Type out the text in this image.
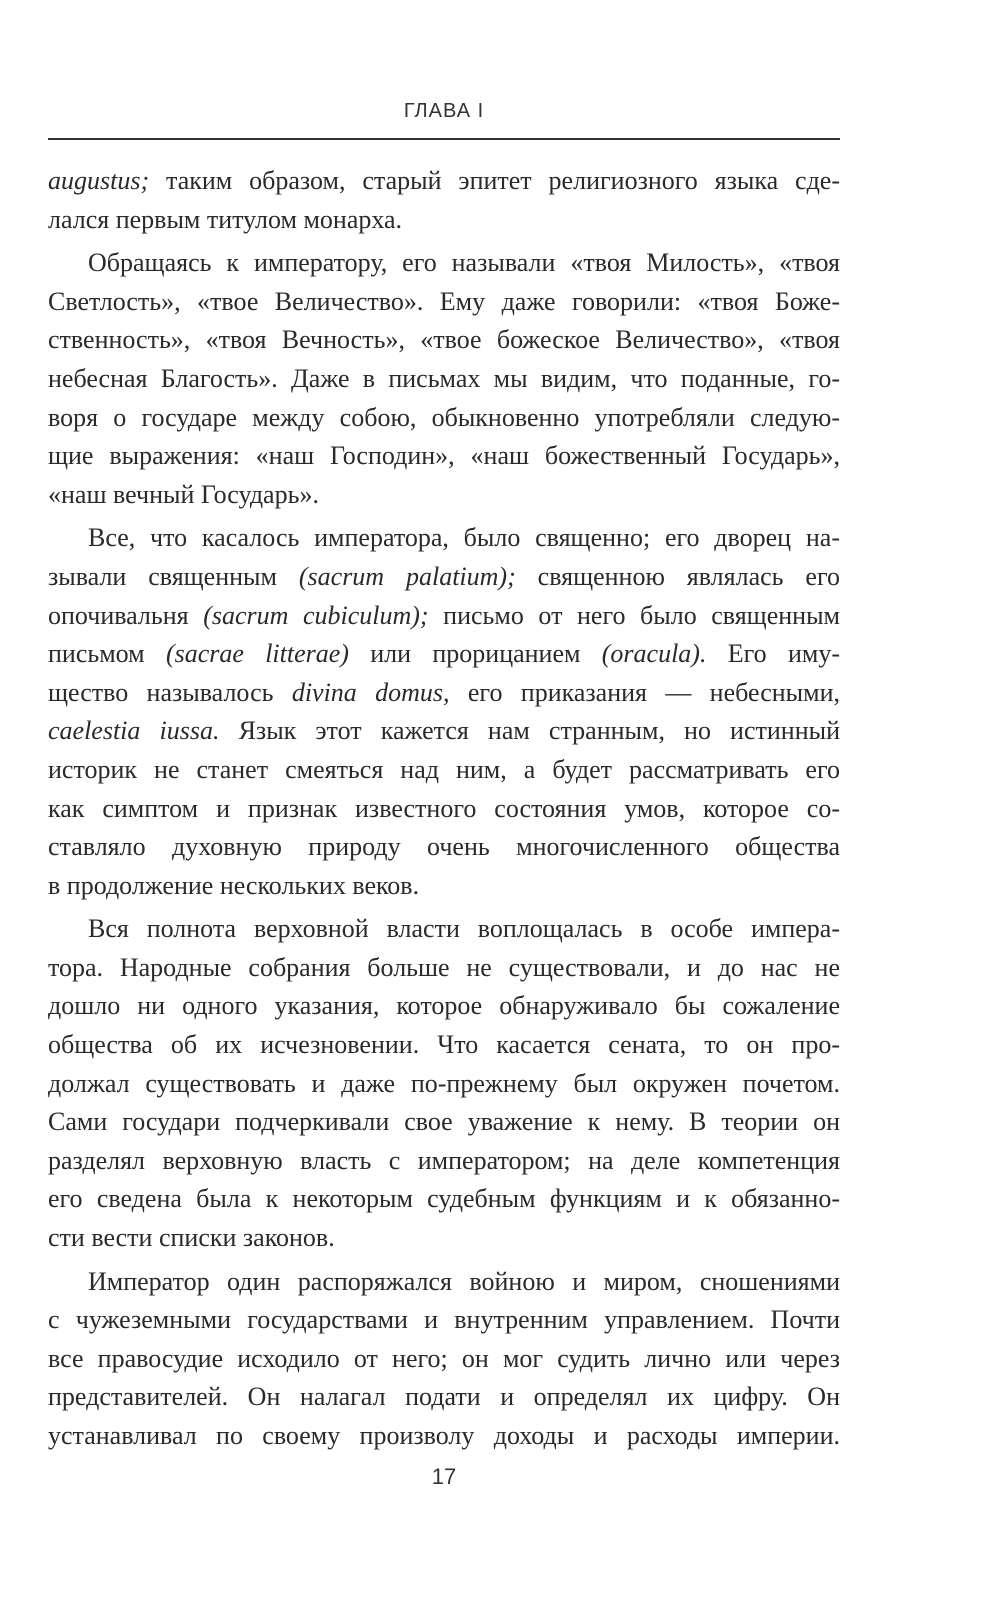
ГЛАВА I
augustus; таким образом, старый эпитет религиозного языка сде-
лался первым титулом монарха.
Обращаясь к императору, его называли «твоя Милость», «твоя
Светлость», «твое Величество». Ему даже говорили: «твоя Боже-
ственность», «твоя Вечность», «твое божеское Величество», «твоя
небесная Благость». Даже в письмах мы видим, что поданные, го-
воря о государе между собою, обыкновенно употребляли следую-
щие выражения: «наш Господин», «наш божественный Государь»,
«наш вечный Государь».
Все, что касалось императора, было священно; его дворец на-
зывали священным (sacrum palatium); священною являлась его
опочивальня (sacrum cubiculum); письмо от него было священным
письмом (sacrae litterae) или прорицанием (oracula). Его иму-
щество называлось divina domus, его приказания — небесными,
caelestia iussa. Язык этот кажется нам странным, но истинный
историк не станет смеяться над ним, а будет рассматривать его
как симптом и признак известного состояния умов, которое со-
ставляло духовную природу очень многочисленного общества
в продолжение нескольких веков.
Вся полнота верховной власти воплощалась в особе импера-
тора. Народные собрания больше не существовали, и до нас не
дошло ни одного указания, которое обнаруживало бы сожаление
общества об их исчезновении. Что касается сената, то он про-
должал существовать и даже по-прежнему был окружен почетом.
Сами государи подчеркивали свое уважение к нему. В теории он
разделял верховную власть с императором; на деле компетенция
его сведена была к некоторым судебным функциям и к обязанно-
сти вести списки законов.
Император один распоряжался войною и миром, сношениями
с чужеземными государствами и внутренним управлением. Почти
все правосудие исходило от него; он мог судить лично или через
представителей. Он налагал подати и определял их цифру. Он
устанавливал по своему произволу доходы и расходы империи.
17
